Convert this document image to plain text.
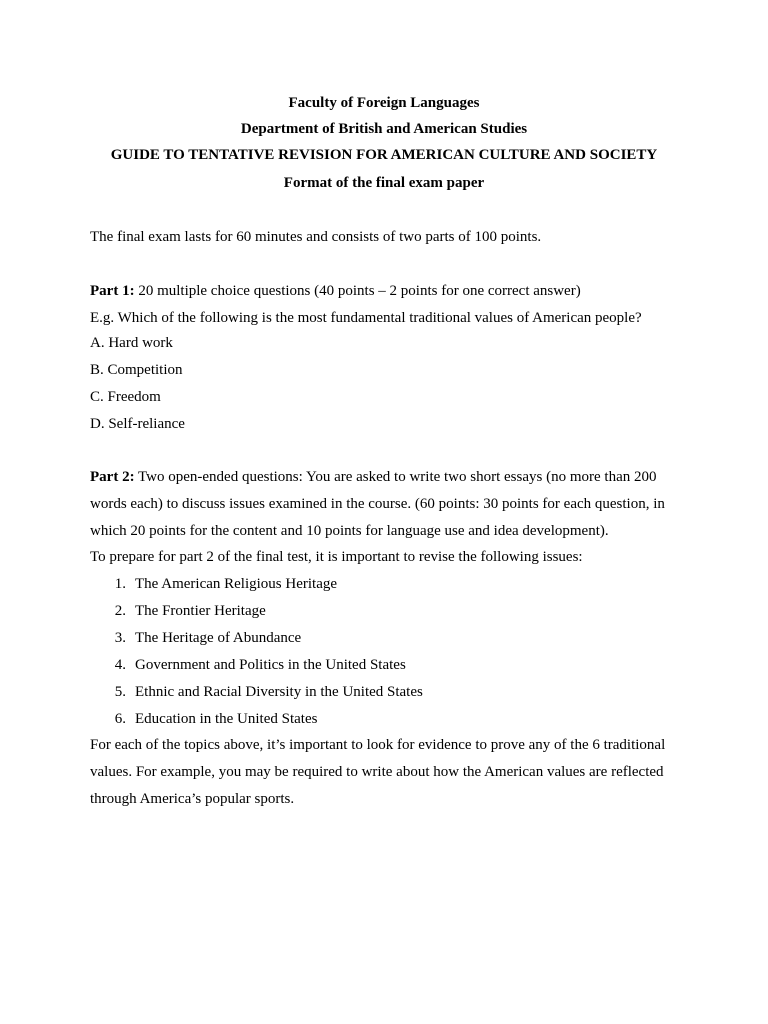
Faculty of Foreign Languages
Department of British and American Studies
GUIDE TO TENTATIVE REVISION FOR AMERICAN CULTURE AND SOCIETY
Format of the final exam paper
The final exam lasts for 60 minutes and consists of two parts of 100 points.
Part 1: 20 multiple choice questions (40 points – 2 points for one correct answer)
E.g. Which of the following is the most fundamental traditional values of American people?
A. Hard work
B. Competition
C. Freedom
D. Self-reliance

Part 2: Two open-ended questions: You are asked to write two short essays (no more than 200 words each) to discuss issues examined in the course. (60 points: 30 points for each question, in which 20 points for the content and 10 points for language use and idea development).

To prepare for part 2 of the final test, it is important to revise the following issues:
1. The American Religious Heritage
2. The Frontier Heritage
3. The Heritage of Abundance
4. Government and Politics in the United States
5. Ethnic and Racial Diversity in the United States
6. Education in the United States

For each of the topics above, it’s important to look for evidence to prove any of the 6 traditional values. For example, you may be required to write about how the American values are reflected through America’s popular sports.
